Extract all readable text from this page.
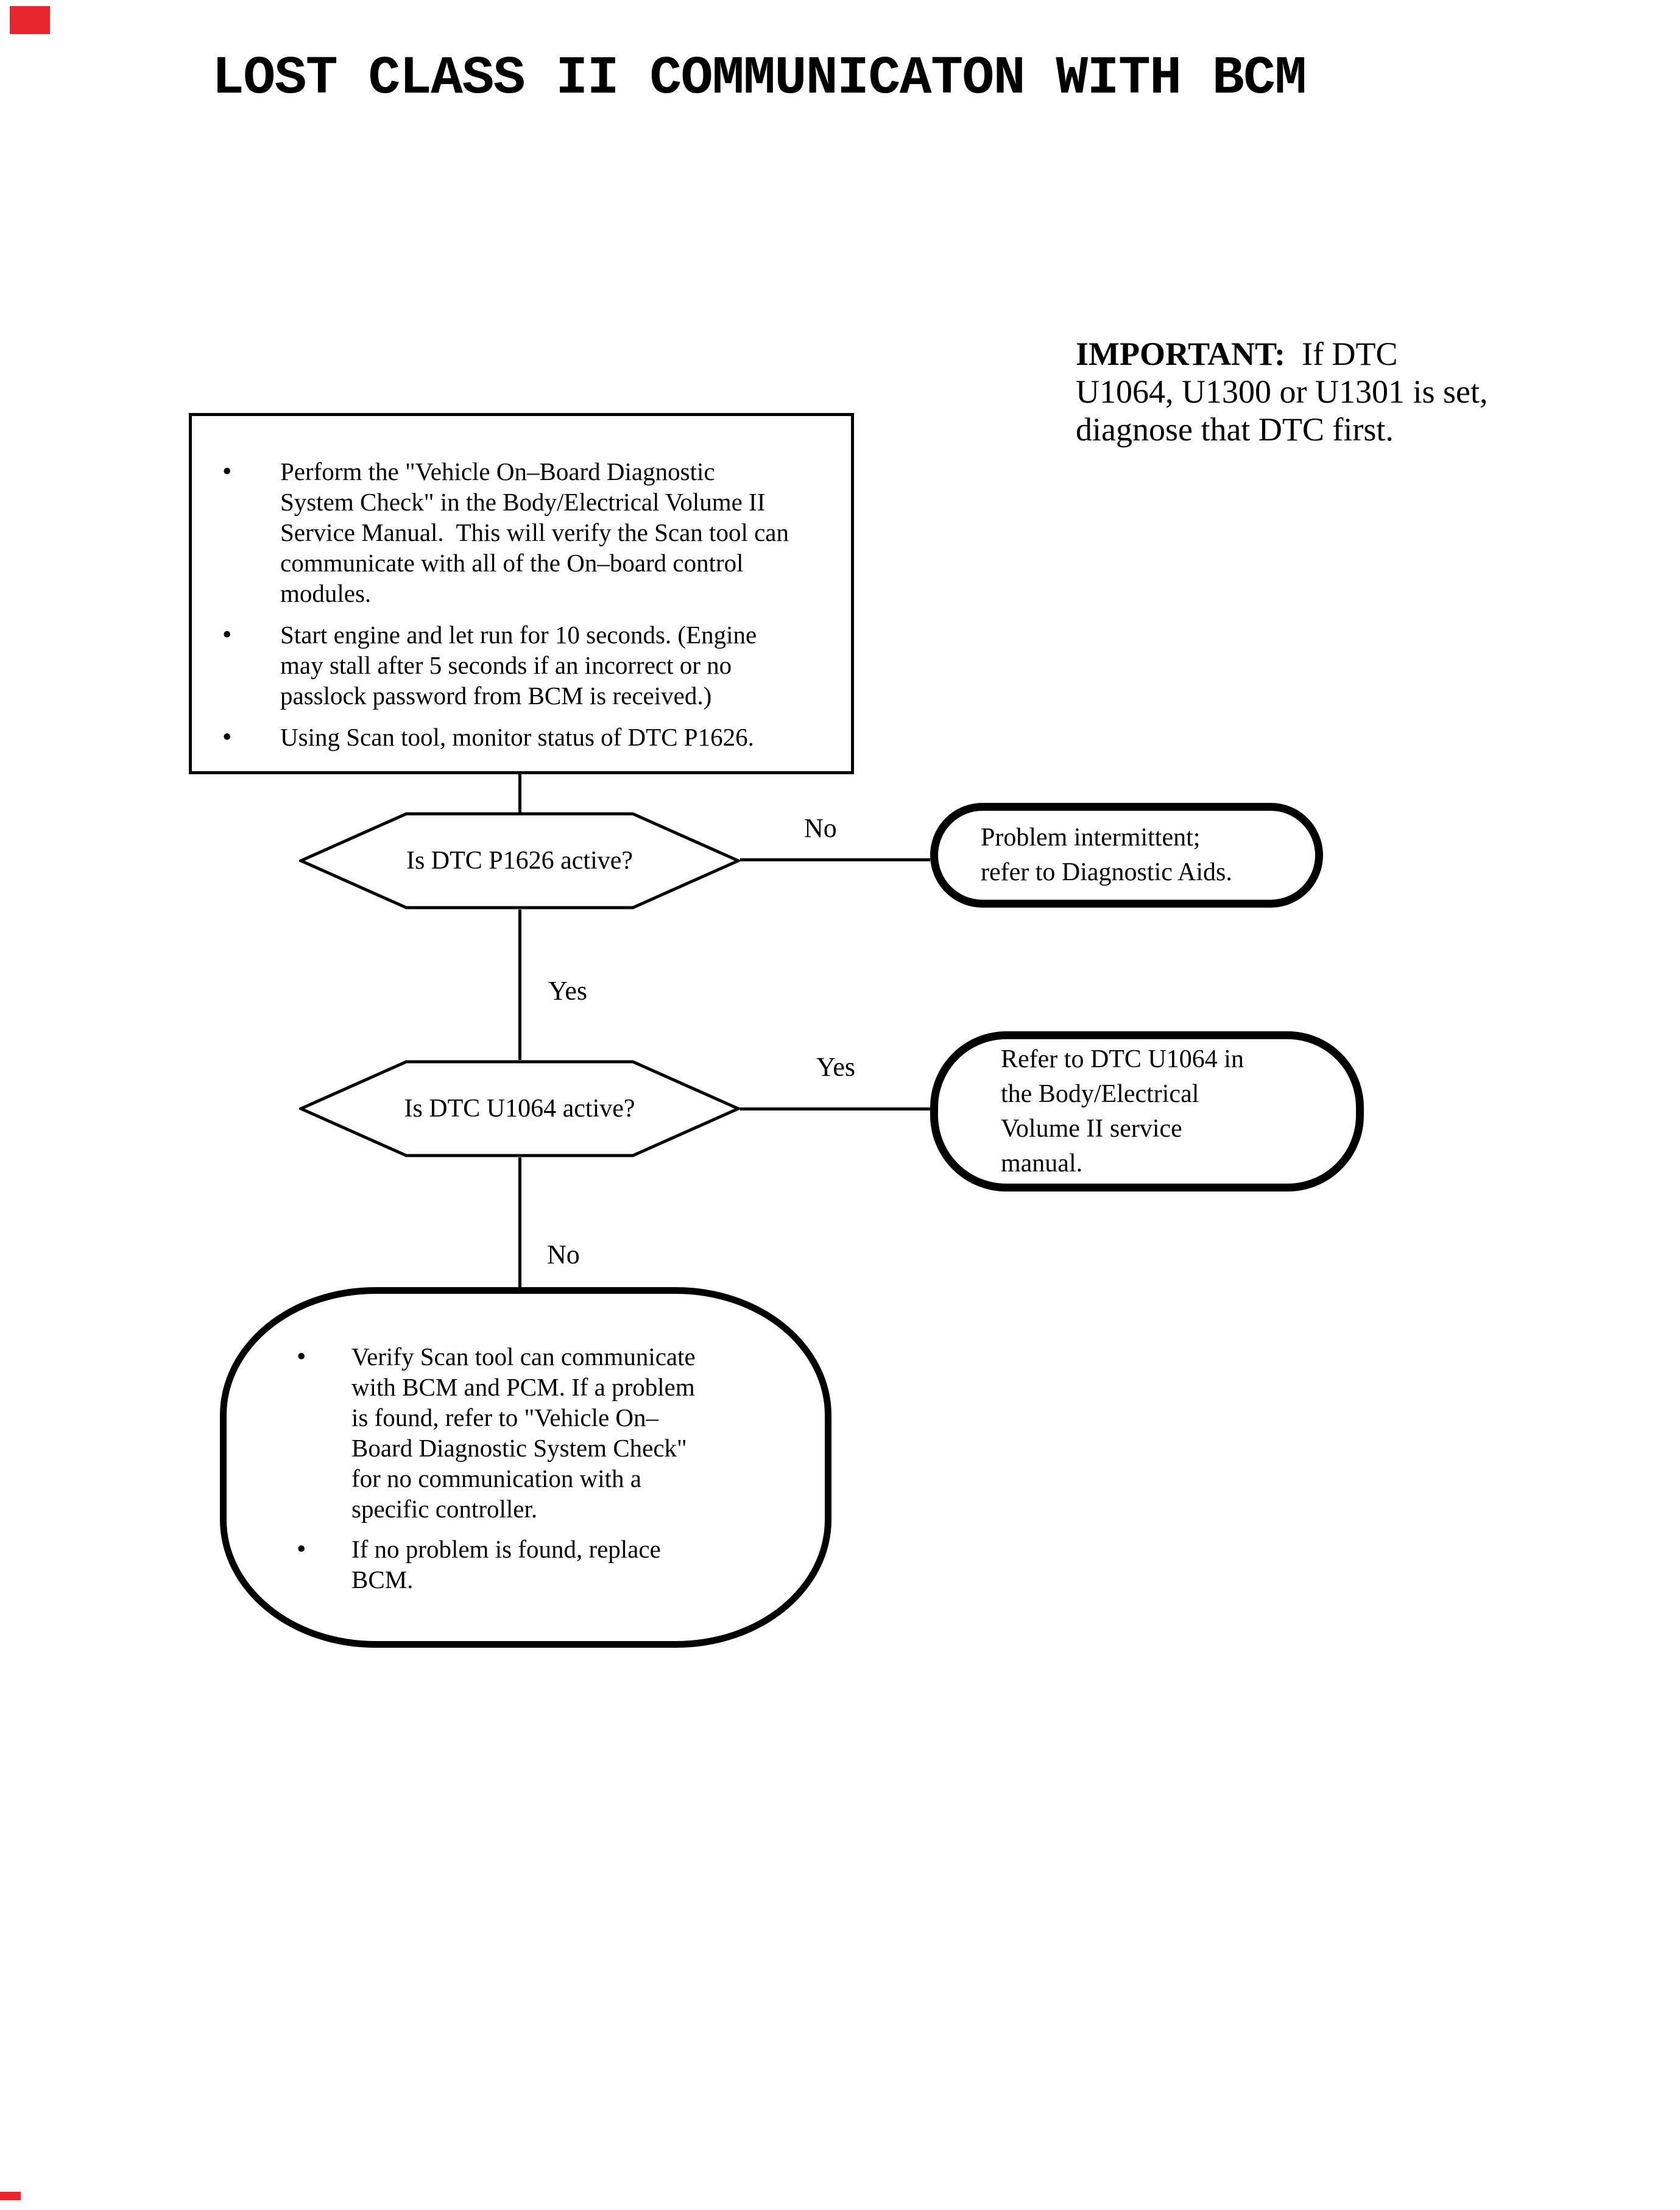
LOST CLASS II COMMUNICATON WITH BCM
IMPORTANT: If DTC
U1064, U1300 or U1301 is set,
diagnose that DTC first.
•	Perform the "Vehicle On–Board Diagnostic
System Check" in the Body/Electrical Volume II
Service Manual.  This will verify the Scan tool can
communicate with all of the On–board control
modules.
•	Start engine and let run for 10 seconds. (Engine
may stall after 5 seconds if an incorrect or no
passlock password from BCM is received.)
•	Using Scan tool, monitor status of DTC P1626.
Is DTC P1626 active?
No	Problem intermittent;
refer to Diagnostic Aids.
Yes
Is DTC U1064 active?
Yes	Refer to DTC U1064 in
the Body/Electrical
Volume II service
manual.
No
•	Verify Scan tool can communicate
with BCM and PCM. If a problem
is found, refer to "Vehicle On–
Board Diagnostic System Check"
for no communication with a
specific controller.
•	If no problem is found, replace
BCM.
